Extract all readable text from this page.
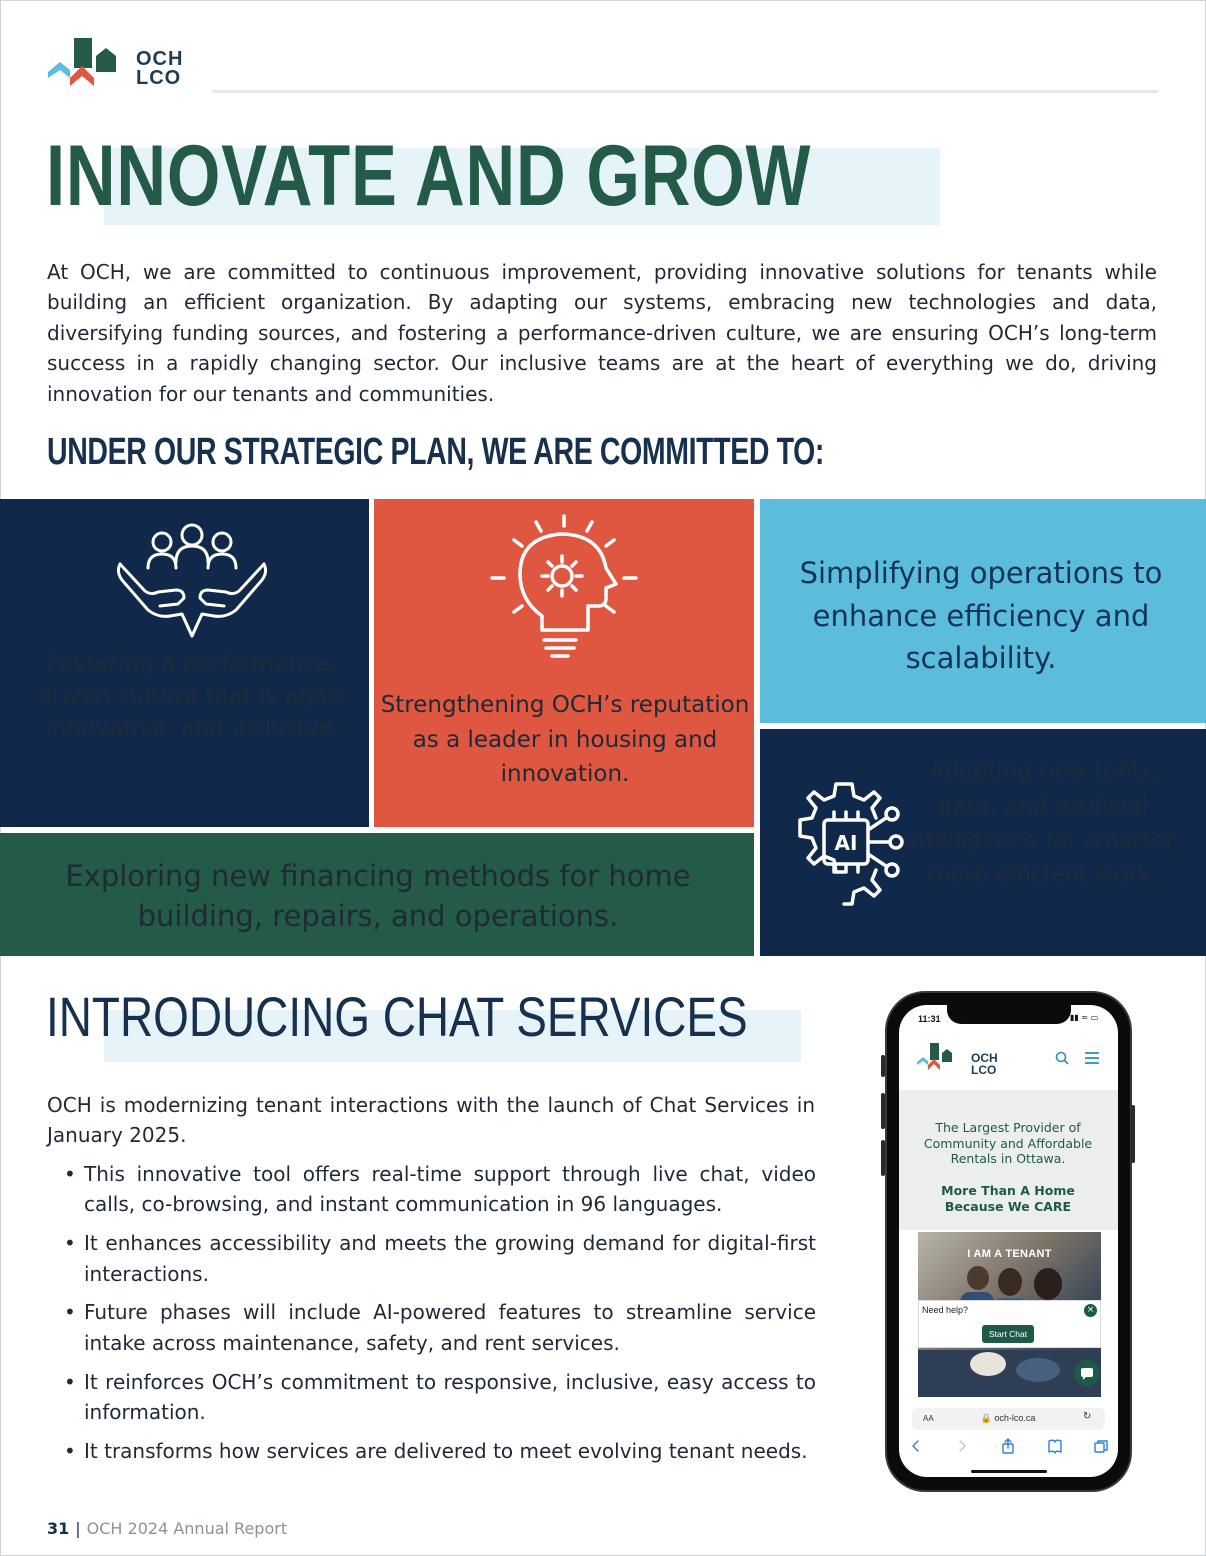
OCH
LCO
INNOVATE AND GROW

At OCH, we are committed to continuous improvement, providing innovative solutions for tenants while building an efficient organization. By adapting our systems, embracing new technologies and data, diversifying funding sources, and fostering a performance-driven culture, we are ensuring OCH’s long-term success in a rapidly changing sector. Our inclusive teams are at the heart of everything we do, driving innovation for our tenants and communities.

UNDER OUR STRATEGIC PLAN, WE ARE COMMITTED TO:
AI
Fostering a performance-driven culture that is agile, innovative, and inclusive.
Strengthening OCH’s reputation as a leader in housing and innovation.
Simplifying operations to enhance efficiency and scalability.
Adopting new tools, data, and artificial intelligence for smarter, more efficient work.
Exploring new financing methods for home building, repairs, and operations.
INTRODUCING CHAT SERVICES

OCH is modernizing tenant interactions with the launch of Chat Services in January 2025.

• This innovative tool offers real-time support through live chat, video calls, co-browsing, and instant communication in 96 languages.
• It enhances accessibility and meets the growing demand for digital-first interactions.
• Future phases will include AI-powered features to streamline service intake across maintenance, safety, and rent services.
• It reinforces OCH’s commitment to responsive, inclusive, easy access to information.
• It transforms how services are delivered to meet evolving tenant needs.
11:31	▮▮ ≈ ▭
OCH
LCO
The Largest Provider of Community and Affordable Rentals in Ottawa.
More Than A Home Because We CARE
I AM A TENANT
Need help?	×
Start Chat
AA	🔒 och-lco.ca	↻
31 | OCH 2024 Annual Report
